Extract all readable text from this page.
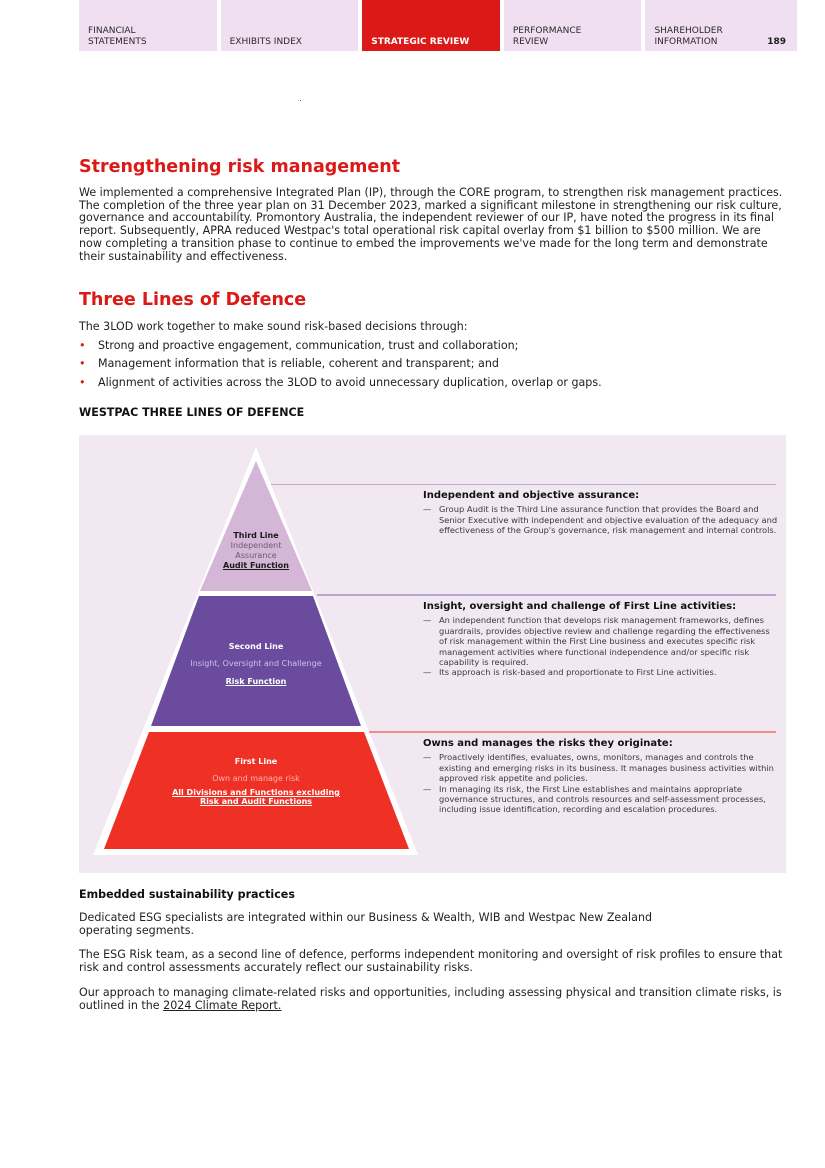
FINANCIAL STATEMENTS	EXHIBITS INDEX	STRATEGIC REVIEW
PERFORMANCE REVIEW
SHAREHOLDER INFORMATION	189
Strengthening risk management

We implemented a comprehensive Integrated Plan (IP), through the CORE program, to strengthen risk management practices. The completion of the three year plan on 31 December 2023, marked a significant milestone in strengthening our risk culture, governance and accountability. Promontory Australia, the independent reviewer of our IP, have noted the progress in its final report. Subsequently, APRA reduced Westpac's total operational risk capital overlay from $1 billion to $500 million. We are now completing a transition phase to continue to embed the improvements we've made for the long term and demonstrate their sustainability and effectiveness.

Three Lines of Defence

The 3LOD work together to make sound risk-based decisions through:

• Strong and proactive engagement, communication, trust and collaboration;
• Management information that is reliable, coherent and transparent; and
• Alignment of activities across the 3LOD to avoid unnecessary duplication, overlap or gaps.
WESTPAC THREE LINES OF DEFENCE
Third Line
Independent Assurance
Audit Function
Second Line
Insight, Oversight and Challenge
Risk Function
First Line
Own and manage risk
All Divisions and Functions excluding Risk and Audit Functions
Independent and objective assurance:
— Group Audit is the Third Line assurance function that provides the Board and Senior Executive with independent and objective evaluation of the adequacy and effectiveness of the Group's governance, risk management and internal controls.
Insight, oversight and challenge of First Line activities:
— An independent function that develops risk management frameworks, defines guardrails, provides objective review and challenge regarding the effectiveness of risk management within the First Line business and executes specific risk management activities where functional independence and/or specific risk capability is required.
— Its approach is risk-based and proportionate to First Line activities.
Owns and manages the risks they originate:
— Proactively identifies, evaluates, owns, monitors, manages and controls the existing and emerging risks in its business. It manages business activities within approved risk appetite and policies.
— In managing its risk, the First Line establishes and maintains appropriate governance structures, and controls resources and self-assessment processes, including issue identification, recording and escalation procedures.
Embedded sustainability practices

Dedicated ESG specialists are integrated within our Business & Wealth, WIB and Westpac New Zealand operating segments.

The ESG Risk team, as a second line of defence, performs independent monitoring and oversight of risk profiles to ensure that risk and control assessments accurately reflect our sustainability risks.

Our approach to managing climate-related risks and opportunities, including assessing physical and transition climate risks, is outlined in the 2024 Climate Report.
